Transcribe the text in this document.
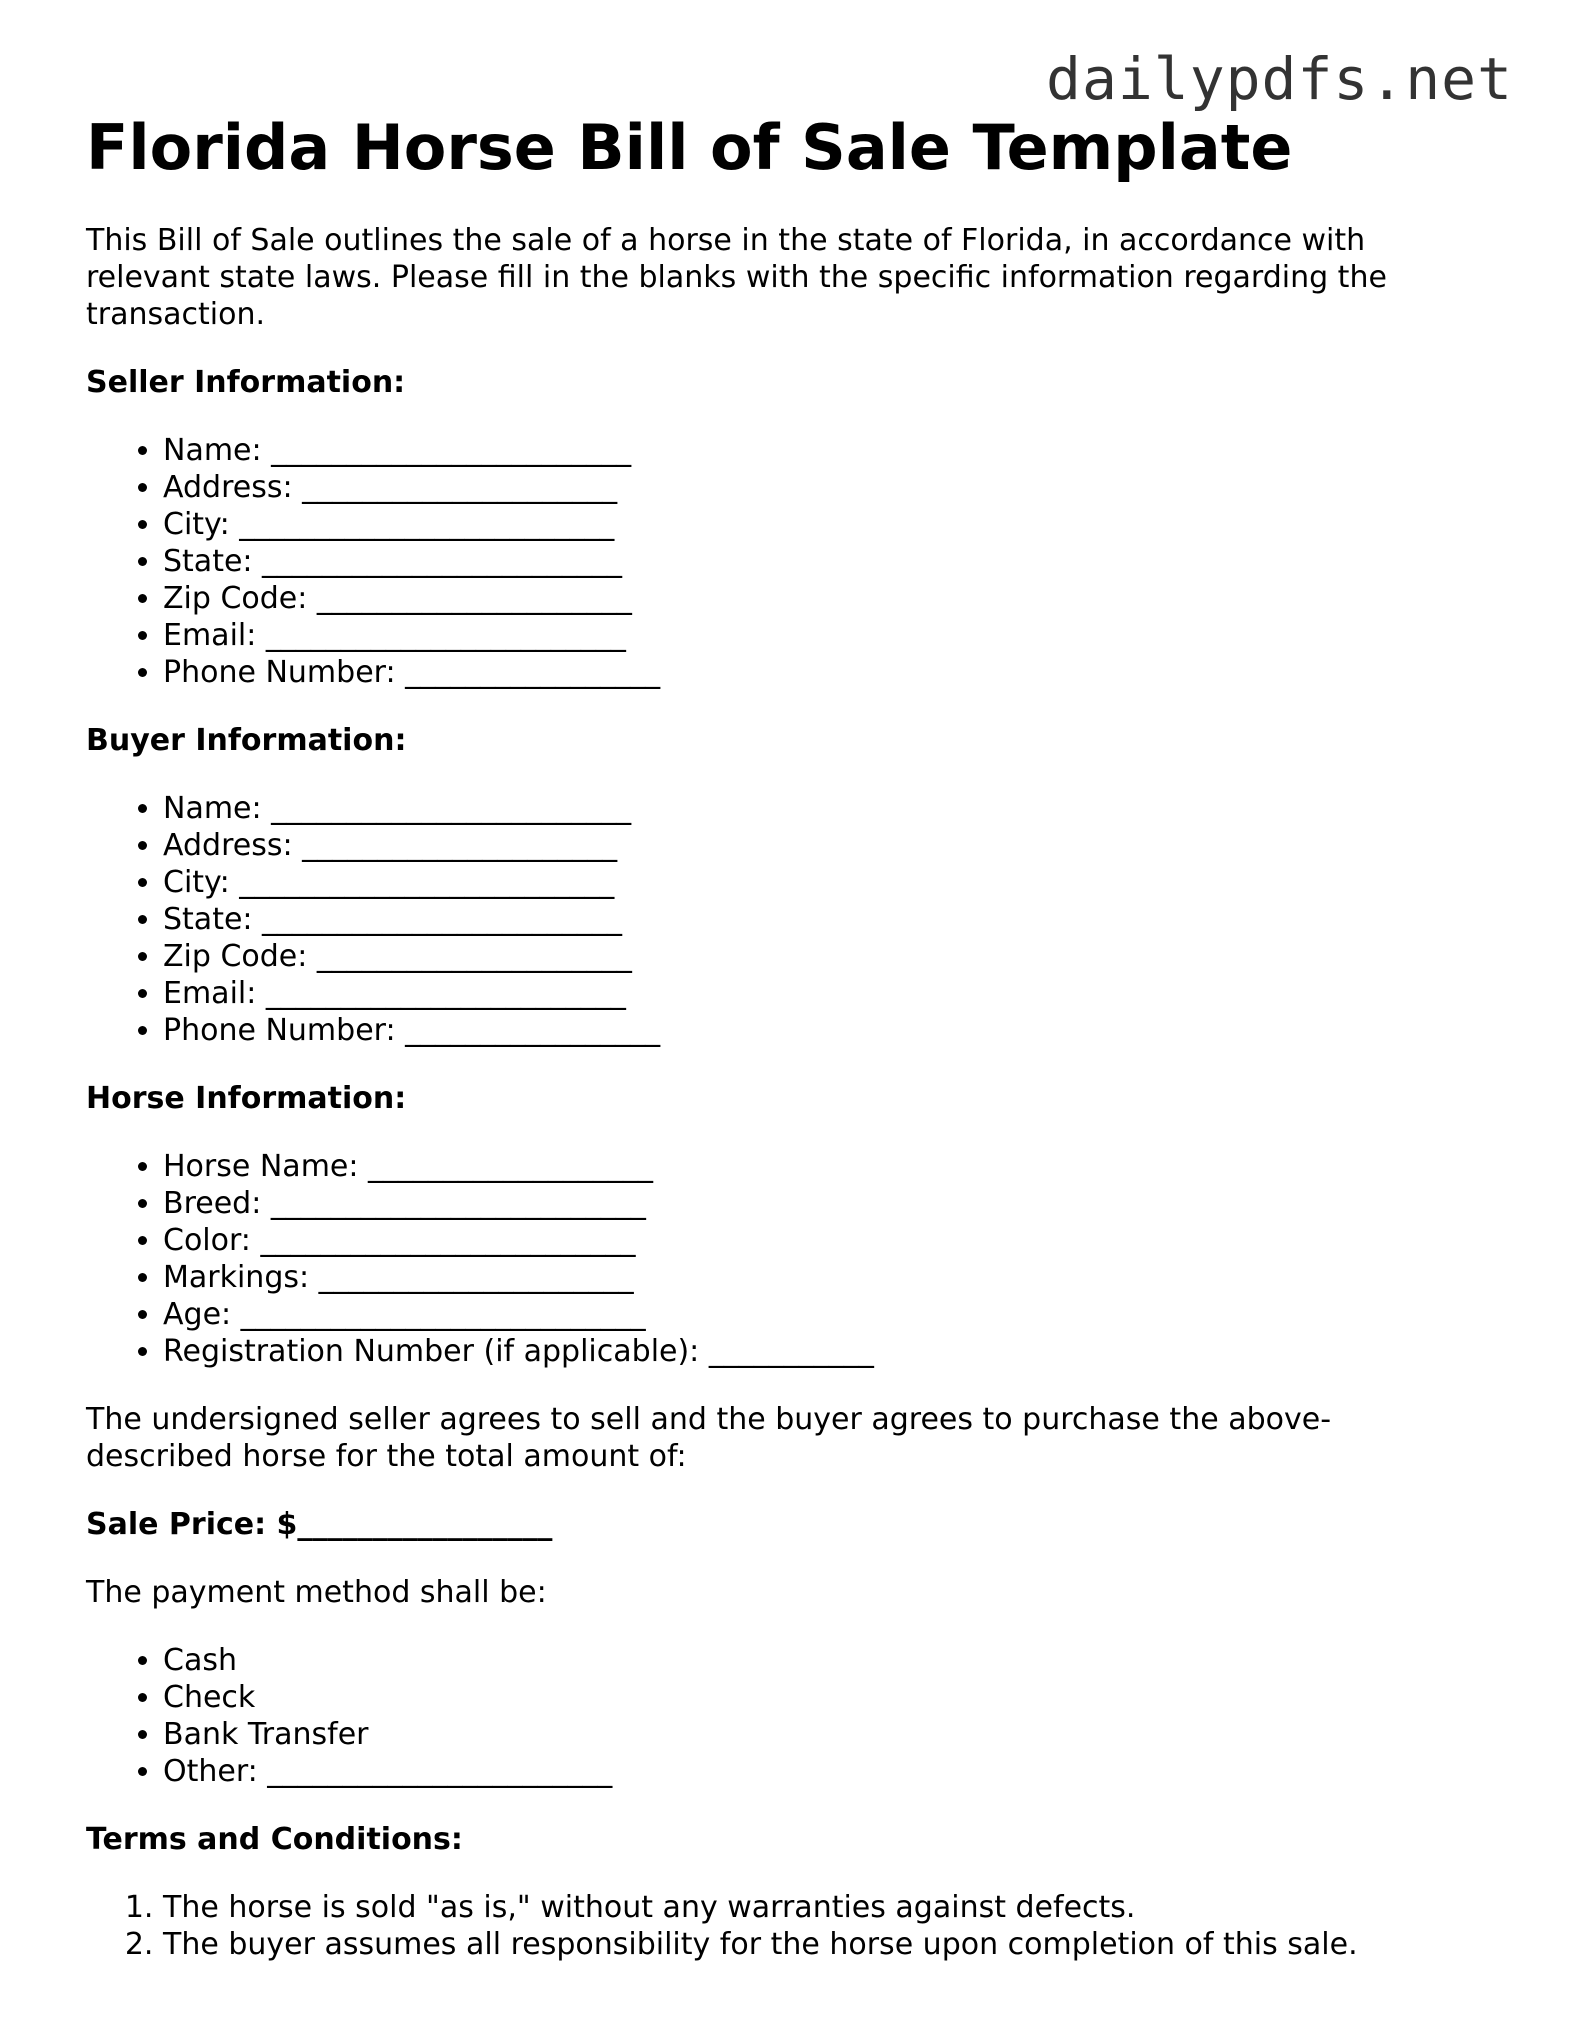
dailypdfs.net
Florida Horse Bill of Sale Template

This Bill of Sale outlines the sale of a horse in the state of Florida, in accordance with relevant state laws. Please fill in the blanks with the specific information regarding the transaction.

Seller Information:
• Name: ________________________
• Address: _____________________
• City: _________________________
• State: ________________________
• Zip Code: _____________________
• Email: ________________________
• Phone Number: _________________
Buyer Information:
• Name: ________________________
• Address: _____________________
• City: _________________________
• State: ________________________
• Zip Code: _____________________
• Email: ________________________
• Phone Number: _________________
Horse Information:
• Horse Name: ___________________
• Breed: _________________________
• Color: _________________________
• Markings: _____________________
• Age: ___________________________
• Registration Number (if applicable): ___________

The undersigned seller agrees to sell and the buyer agrees to purchase the above-described horse for the total amount of:

Sale Price: $_________________

The payment method shall be:

• Cash
• Check
• Bank Transfer
• Other: _______________________
Terms and Conditions:
1. The horse is sold "as is," without any warranties against defects.
2. The buyer assumes all responsibility for the horse upon completion of this sale.
